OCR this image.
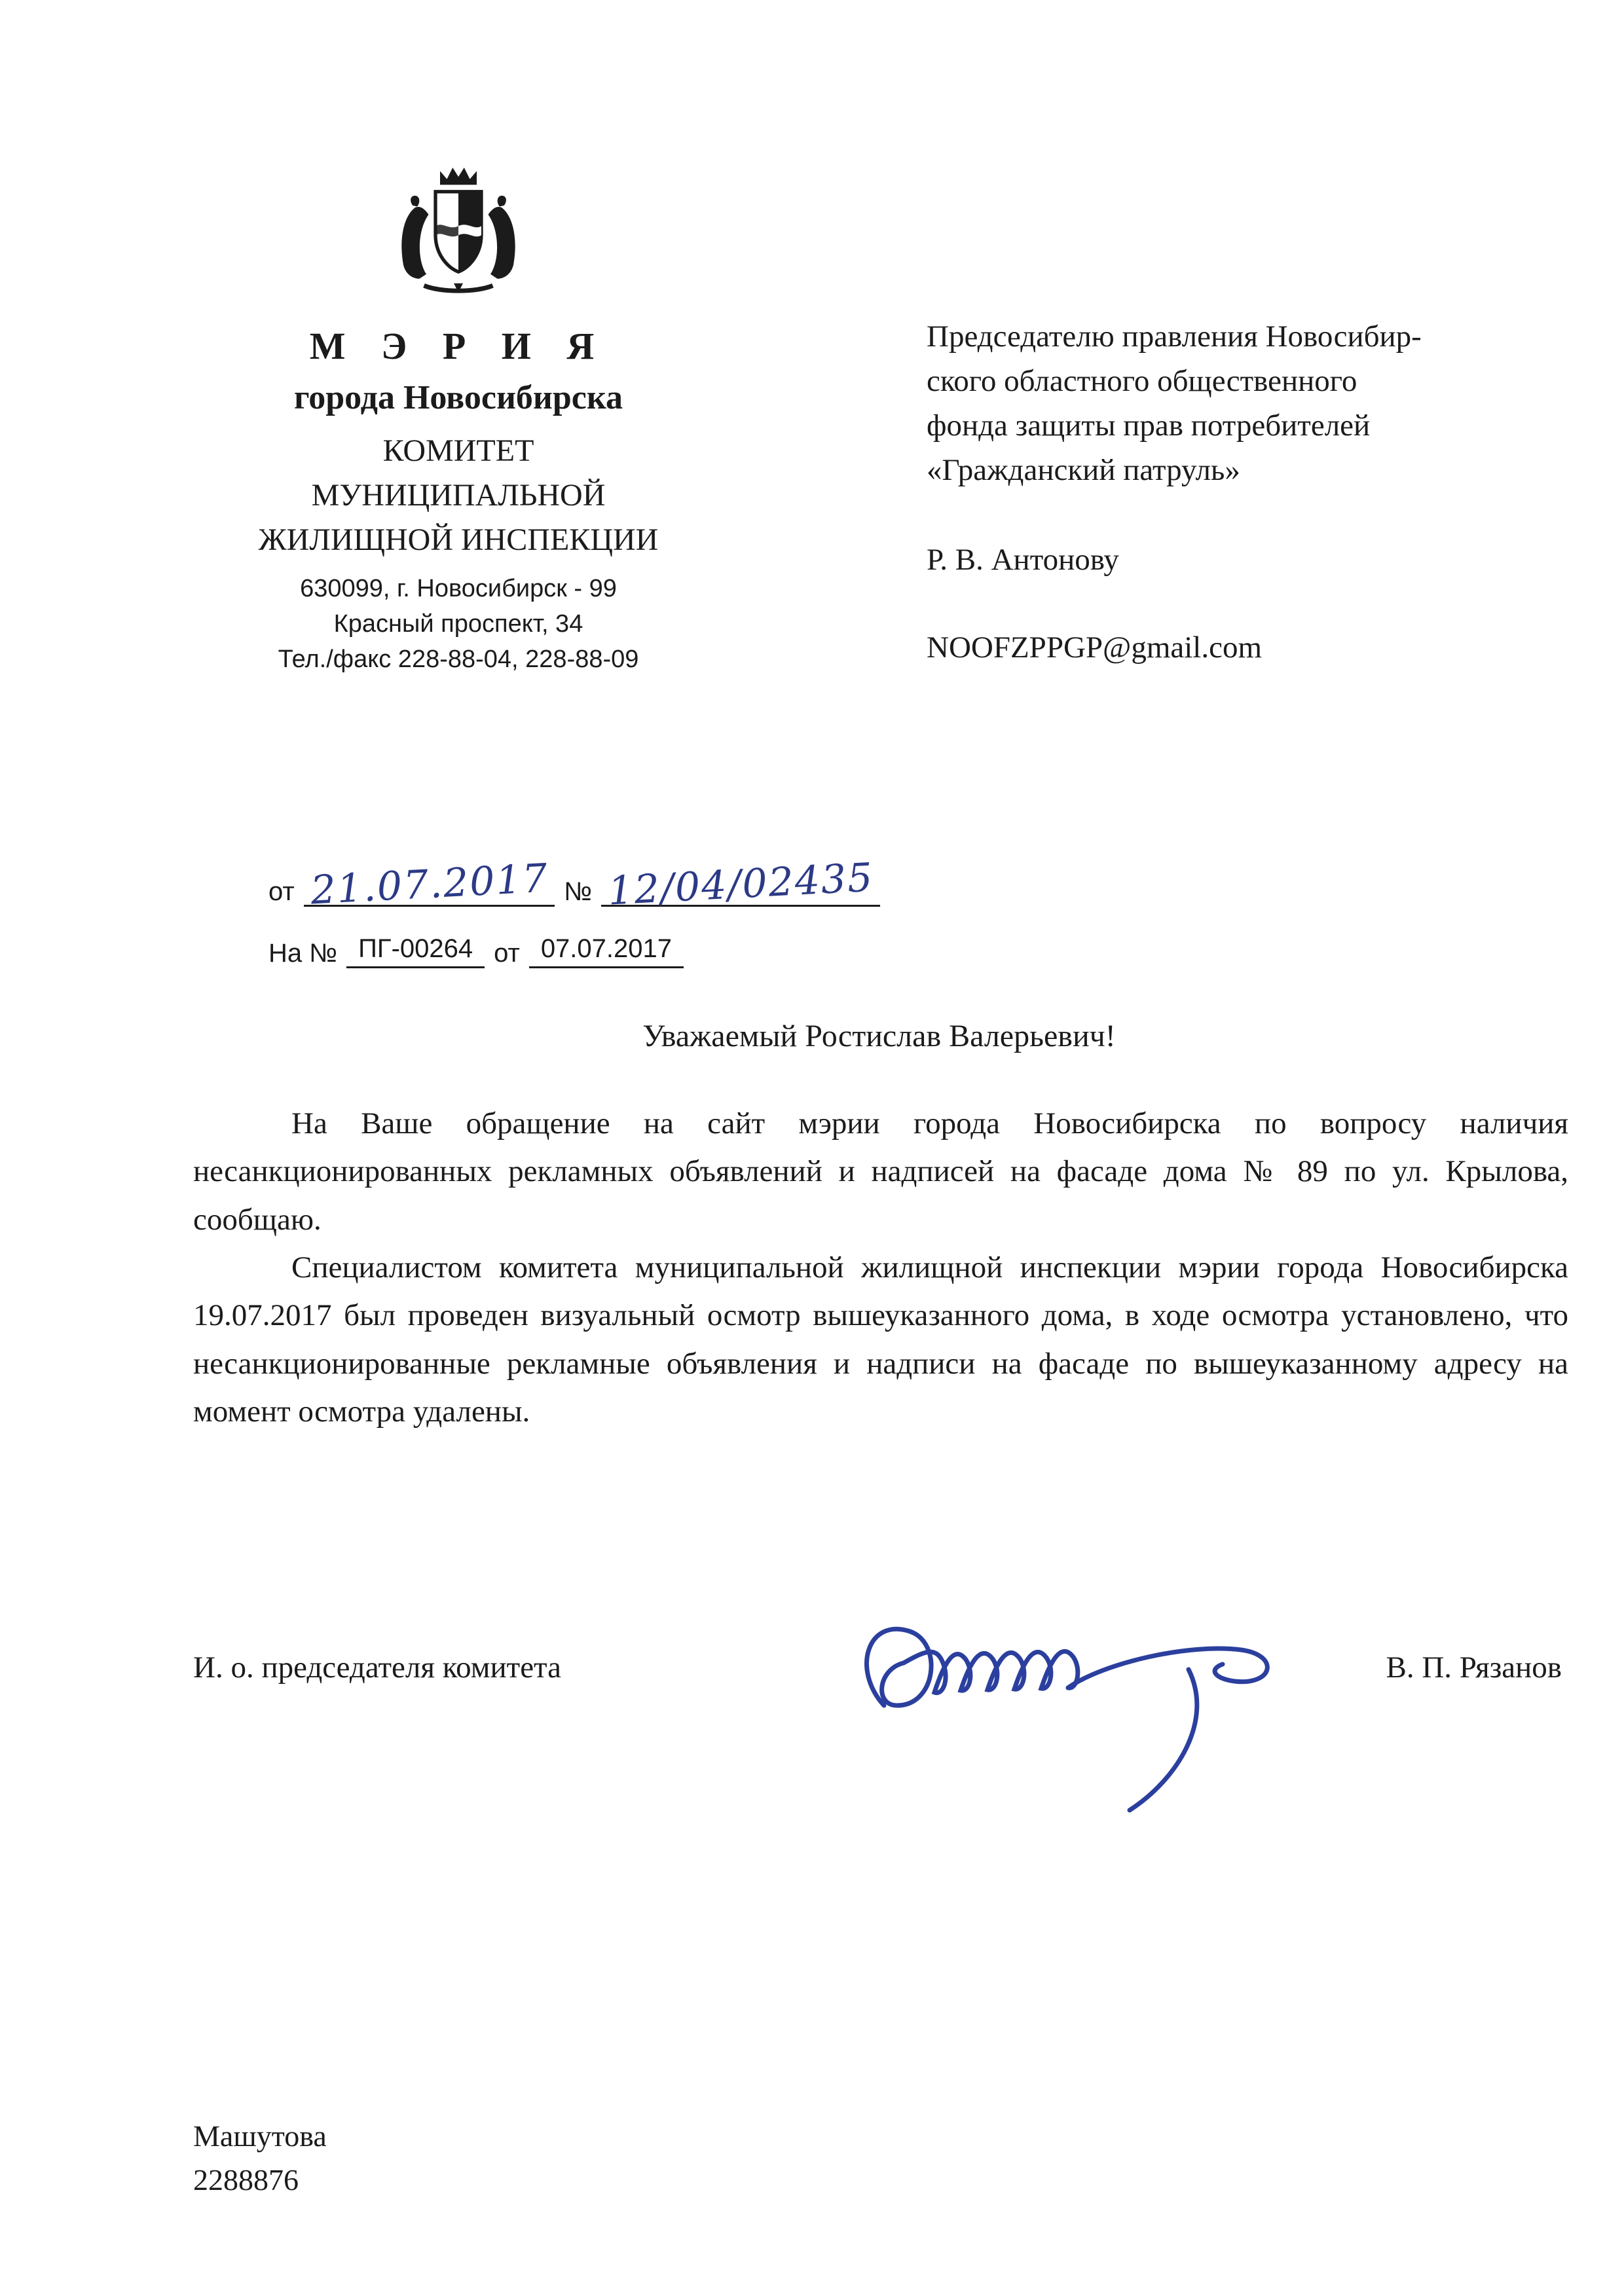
М Э Р И Я
города Новосибирска
КОМИТЕТ
МУНИЦИПАЛЬНОЙ
ЖИЛИЩНОЙ ИНСПЕКЦИИ
630099, г. Новосибирск - 99
Красный проспект, 34
Тел./факс 228-88-04, 228-88-09
от 21.07.2017 № 12/04/02435
На № ПГ-00264 от 07.07.2017
Председателю правления Новосибир-
ского областного общественного
фонда защиты прав потребителей
«Гражданский патруль»
Р. В. Антонову
NOOFZPPGP@gmail.com
Уважаемый Ростислав Валерьевич!

На Ваше обращение на сайт мэрии города Новосибирска по вопросу наличия несанкционированных рекламных объявлений и надписей на фасаде дома № 89 по ул. Крылова, сообщаю.

Специалистом комитета муниципальной жилищной инспекции мэрии города Новосибирска 19.07.2017 был проведен визуальный осмотр вышеуказанного дома, в ходе осмотра установлено, что несанкционированные рекламные объявления и надписи на фасаде по вышеуказанному адресу на момент осмотра удалены.

И. о. председателя комитета	В. П. Рязанов
Машутова
2288876
